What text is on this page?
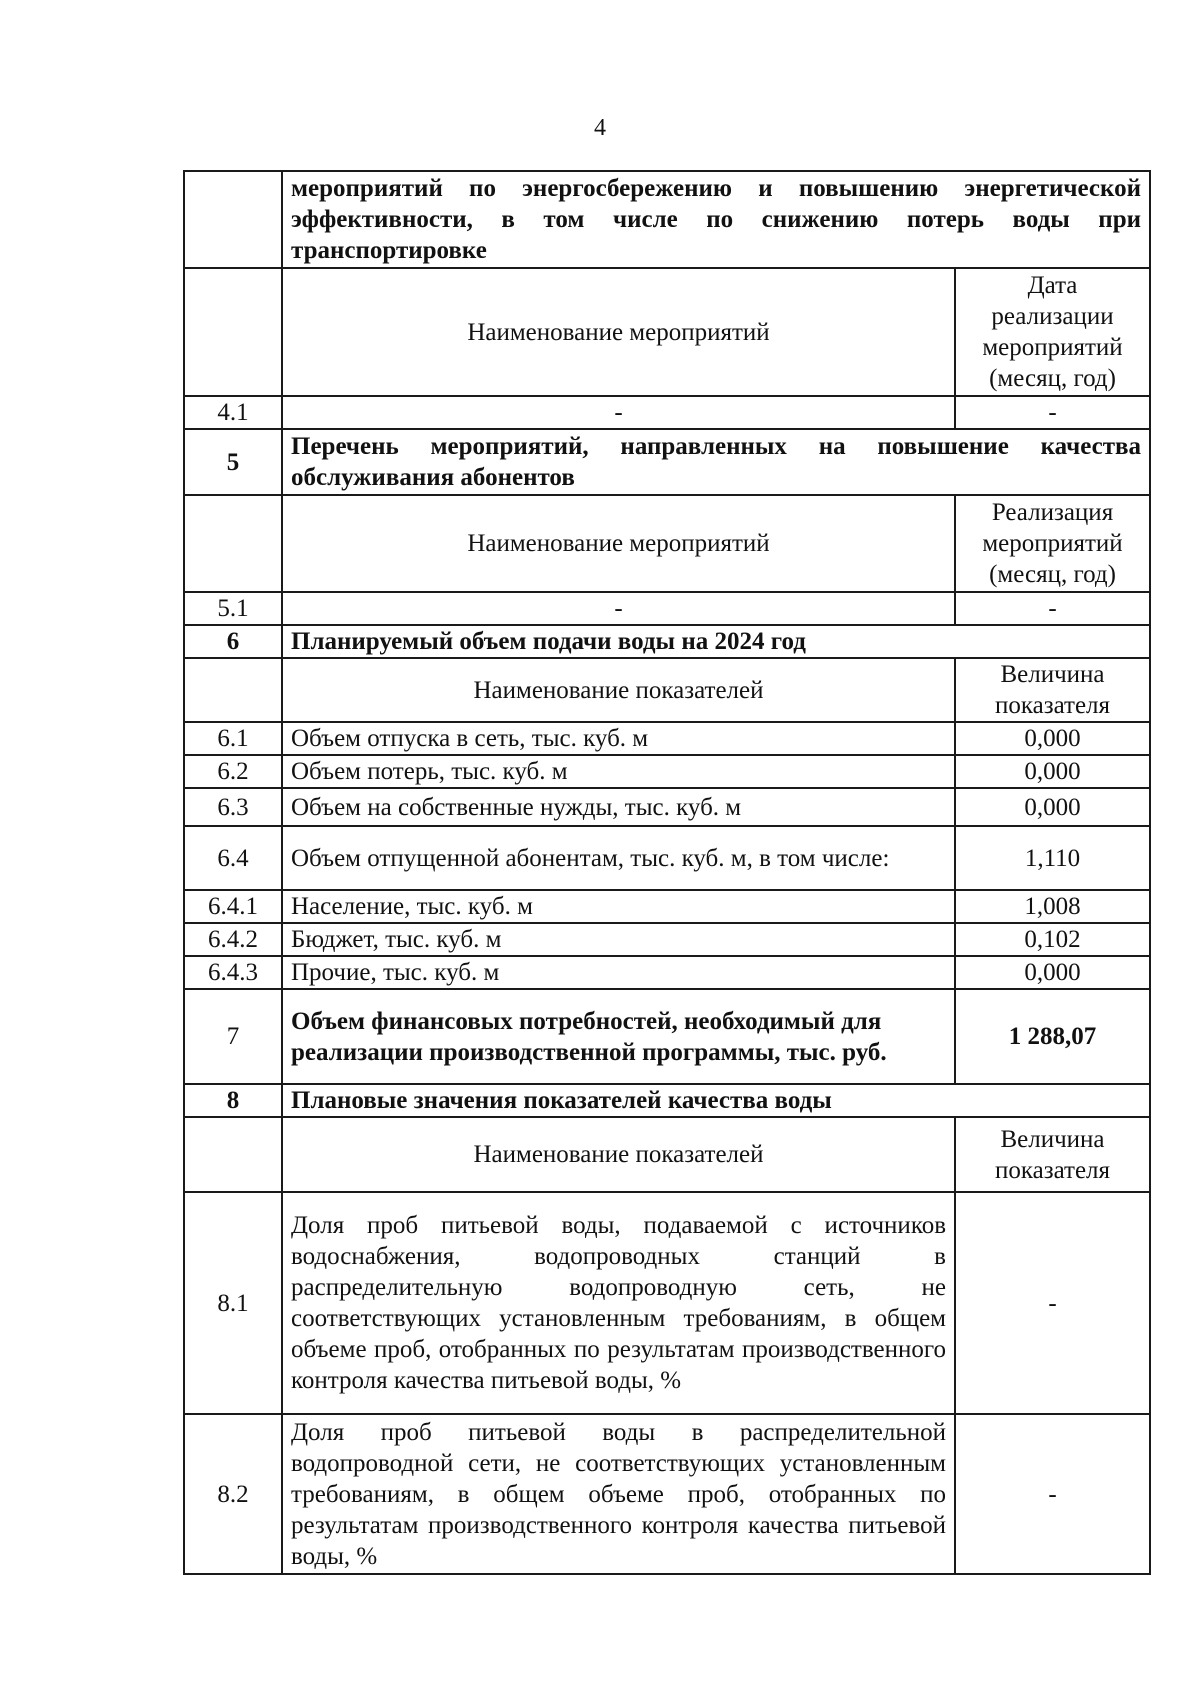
4
	мероприятий по энергосбережению и повышению энергетической эффективности, в том числе по снижению потерь воды при транспортировке	
	Наименование мероприятий	Дата реализации мероприятий (месяц, год)
4.1	-	-
5	Перечень мероприятий, направленных на повышение качества обслуживания абонентов	
	Наименование мероприятий	Реализация мероприятий (месяц, год)
5.1	-	-
6	Планируемый объем подачи воды на 2024 год	
	Наименование показателей	Величина показателя
6.1	Объем отпуска в сеть, тыс. куб. м	0,000
6.2	Объем потерь, тыс. куб. м	0,000
6.3	Объем на собственные нужды, тыс. куб. м	0,000
6.4	Объем отпущенной абонентам, тыс. куб. м, в том числе:	1,110
6.4.1	Население, тыс. куб. м	1,008
6.4.2	Бюджет, тыс. куб. м	0,102
6.4.3	Прочие, тыс. куб. м	0,000
7	Объем финансовых потребностей, необходимый для реализации производственной программы, тыс. руб.	1 288,07
8	Плановые значения показателей качества воды	
	Наименование показателей	Величина показателя
8.1	Доля проб питьевой воды, подаваемой с источников водоснабжения, водопроводных станций в распределительную водопроводную сеть, не соответствующих установленным требованиям, в общем объеме проб, отобранных по результатам производственного контроля качества питьевой воды, %	-
8.2	Доля проб питьевой воды в распределительной водопроводной сети, не соответствующих установленным требованиям, в общем объеме проб, отобранных по результатам производственного контроля качества питьевой воды, %	-
